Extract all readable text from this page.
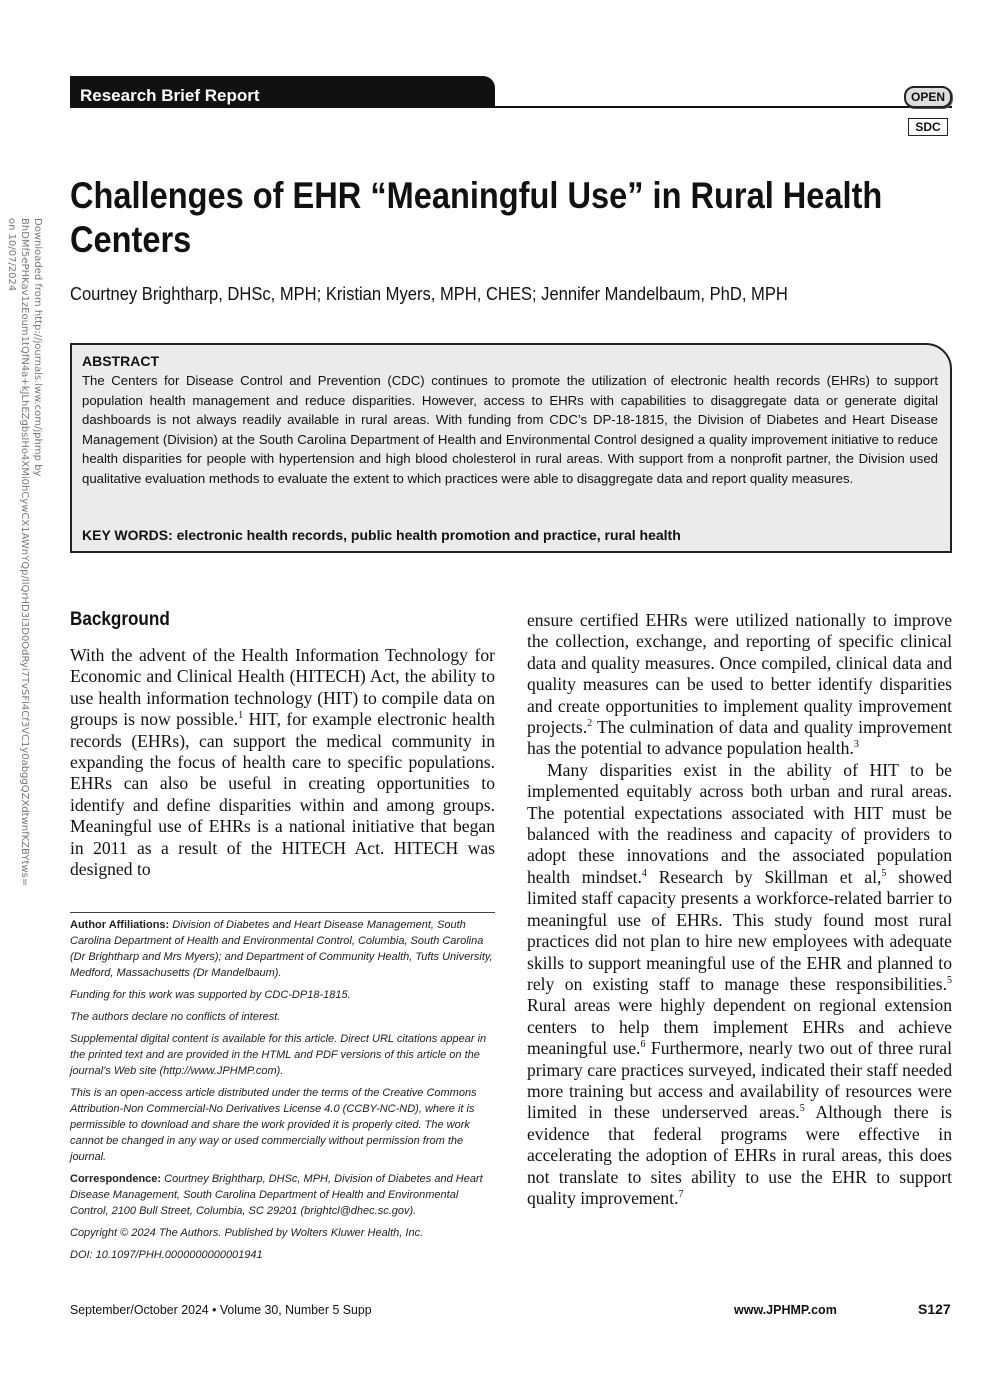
Research Brief Report	OPEN
SDC
Downloaded from http://journals.lww.com/jphmp by BhDMf5ePHKav1zEoum1tQfN4a+kJLhEZgbsIHo4XMi0hCywCX1AWnYQp/IlQrHD3i3D0OdRyi7TvSFl4Cf3VC1y0abggQZXdtwnfKZBYtws= on 10/07/2024
Challenges of EHR “Meaningful Use” in Rural Health Centers
Courtney Brightharp, DHSc, MPH; Kristian Myers, MPH, CHES; Jennifer Mandelbaum, PhD, MPH
ABSTRACT
The Centers for Disease Control and Prevention (CDC) continues to promote the utilization of electronic health records (EHRs) to support population health management and reduce disparities. However, access to EHRs with capabilities to disaggregate data or generate digital dashboards is not always readily available in rural areas. With funding from CDC’s DP-18-1815, the Division of Diabetes and Heart Disease Management (Division) at the South Carolina Department of Health and Environmental Control designed a quality improvement initiative to reduce health disparities for people with hypertension and high blood cholesterol in rural areas. With support from a nonprofit partner, the Division used qualitative evaluation methods to evaluate the extent to which practices were able to disaggregate data and report quality measures.
KEY WORDS: electronic health records, public health promotion and practice, rural health
Background

With the advent of the Health Information Technology for Economic and Clinical Health (HITECH) Act, the ability to use health information technology (HIT) to compile data on groups is now possible.$^1$ HIT, for example electronic health records (EHRs), can support the medical community in expanding the focus of health care to specific populations. EHRs can also be useful in creating opportunities to identify and define disparities within and among groups. Meaningful use of EHRs is a national initiative that began in 2011 as a result of the HITECH Act. HITECH was designed to

ensure certified EHRs were utilized nationally to improve the collection, exchange, and reporting of specific clinical data and quality measures. Once compiled, clinical data and quality measures can be used to better identify disparities and create opportunities to implement quality improvement projects.$^2$ The culmination of data and quality improvement has the potential to advance population health.$^3$

Many disparities exist in the ability of HIT to be implemented equitably across both urban and rural areas. The potential expectations associated with HIT must be balanced with the readiness and capacity of providers to adopt these innovations and the associated population health mindset.$^4$ Research by Skillman et al,$^5$ showed limited staff capacity presents a workforce-related barrier to meaningful use of EHRs. This study found most rural practices did not plan to hire new employees with adequate skills to support meaningful use of the EHR and planned to rely on existing staff to manage these responsibilities.$^5$ Rural areas were highly dependent on regional extension centers to help them implement EHRs and achieve meaningful use.$^6$ Furthermore, nearly two out of three rural primary care practices surveyed, indicated their staff needed more training but access and availability of resources were limited in these underserved areas.$^5$ Although there is evidence that federal programs were effective in accelerating the adoption of EHRs in rural areas, this does not translate to sites ability to use the EHR to support quality improvement.$^7$

Author Affiliations: Division of Diabetes and Heart Disease Management, South Carolina Department of Health and Environmental Control, Columbia, South Carolina (Dr Brightharp and Mrs Myers); and Department of Community Health, Tufts University, Medford, Massachusetts (Dr Mandelbaum).

Funding for this work was supported by CDC-DP18-1815.

The authors declare no conflicts of interest.

Supplemental digital content is available for this article. Direct URL citations appear in the printed text and are provided in the HTML and PDF versions of this article on the journal’s Web site (http://www.JPHMP.com).

This is an open-access article distributed under the terms of the Creative Commons Attribution-Non Commercial-No Derivatives License 4.0 (CCBY-NC-ND), where it is permissible to download and share the work provided it is properly cited. The work cannot be changed in any way or used commercially without permission from the journal.

Correspondence: Courtney Brightharp, DHSc, MPH, Division of Diabetes and Heart Disease Management, South Carolina Department of Health and Environmental Control, 2100 Bull Street, Columbia, SC 29201 (brightcl@dhec.sc.gov).

Copyright © 2024 The Authors. Published by Wolters Kluwer Health, Inc.

DOI: 10.1097/PHH.0000000000001941

September/October 2024 • Volume 30, Number 5 Supp	www.JPHMP.com	S127
